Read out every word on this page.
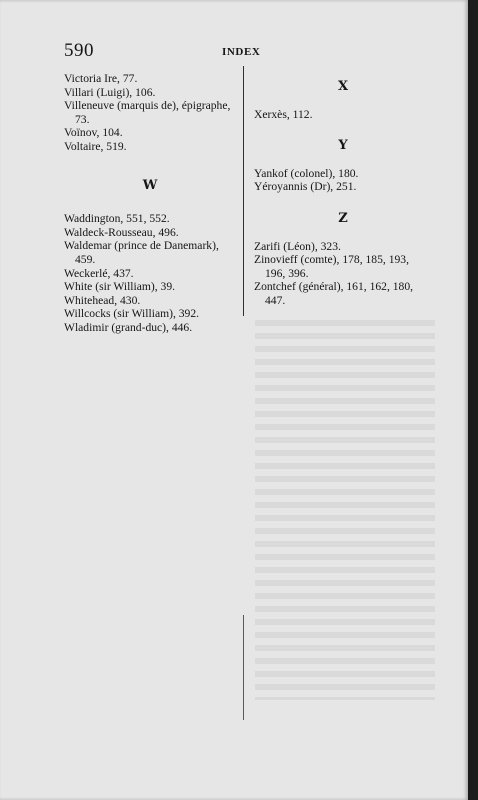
590	INDEX
Victoria Ire, 77.
Villari (Luigi), 106.
Villeneuve (marquis de), épigraphe, 73.
Voïnov, 104.
Voltaire, 519.
W
Waddington, 551, 552.
Waldeck-Rousseau, 496.
Waldemar (prince de Danemark), 459.
Weckerlé, 437.
White (sir William), 39.
Whitehead, 430.
Willcocks (sir William), 392.
Wladimir (grand-duc), 446.
X
Xerxès, 112.
Y
Yankof (colonel), 180.
Yéroyannis (Dr), 251.
Z
Zarifi (Léon), 323.
Zinovieff (comte), 178, 185, 193, 196, 396.
Zontchef (général), 161, 162, 180, 447.
